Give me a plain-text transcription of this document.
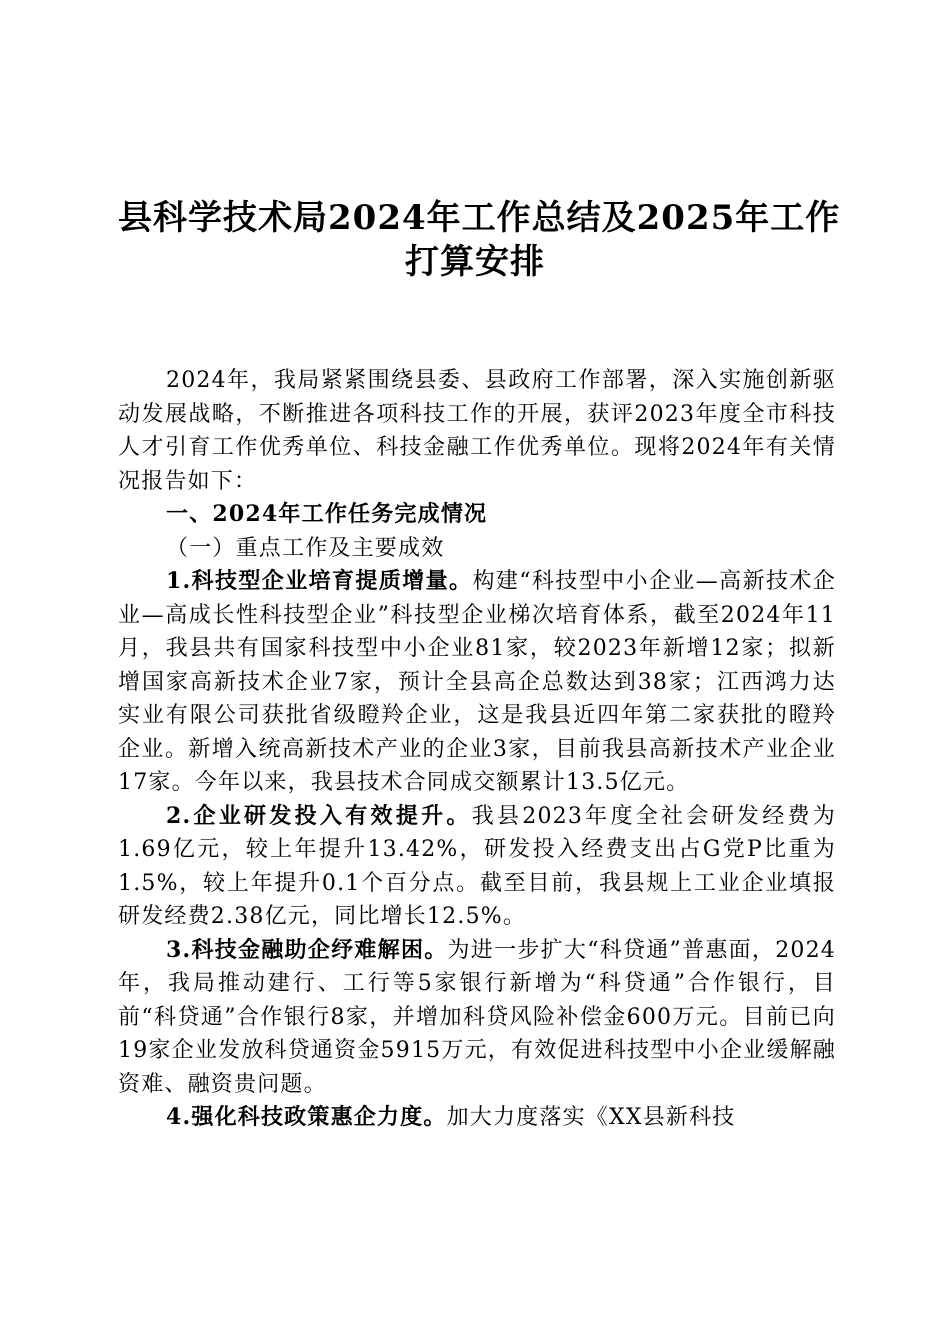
县科学技术局2024年工作总结及2025年工作
打算安排

2024年，我局紧紧围绕县委、县政府工作部署，深入实施创新驱动发展战略，不断推进各项科技工作的开展，获评2023年度全市科技人才引育工作优秀单位、科技金融工作优秀单位。现将2024年有关情况报告如下：

一、2024年工作任务完成情况

（一）重点工作及主要成效

1.科技型企业培育提质增量。构建“科技型中小企业—高新技术企业—高成长性科技型企业”科技型企业梯次培育体系，截至2024年11月，我县共有国家科技型中小企业81家，较2023年新增12家；拟新增国家高新技术企业7家，预计全县高企总数达到38家；江西鸿力达实业有限公司获批省级瞪羚企业，这是我县近四年第二家获批的瞪羚企业。新增入统高新技术产业的企业3家，目前我县高新技术产业企业17家。今年以来，我县技术合同成交额累计13.5亿元。

2.企业研发投入有效提升。我县2023年度全社会研发经费为1.69亿元，较上年提升13.42%，研发投入经费支出占G党P比重为1.5%，较上年提升0.1个百分点。截至目前，我县规上工业企业填报研发经费2.38亿元，同比增长12.5%。

3.科技金融助企纾难解困。为进一步扩大“科贷通”普惠面，2024年，我局推动建行、工行等5家银行新增为“科贷通”合作银行，目前“科贷通”合作银行8家，并增加科贷风险补偿金600万元。目前已向19家企业发放科贷通资金5915万元，有效促进科技型中小企业缓解融资难、融资贵问题。

4.强化科技政策惠企力度。加大力度落实《XX县新科技
